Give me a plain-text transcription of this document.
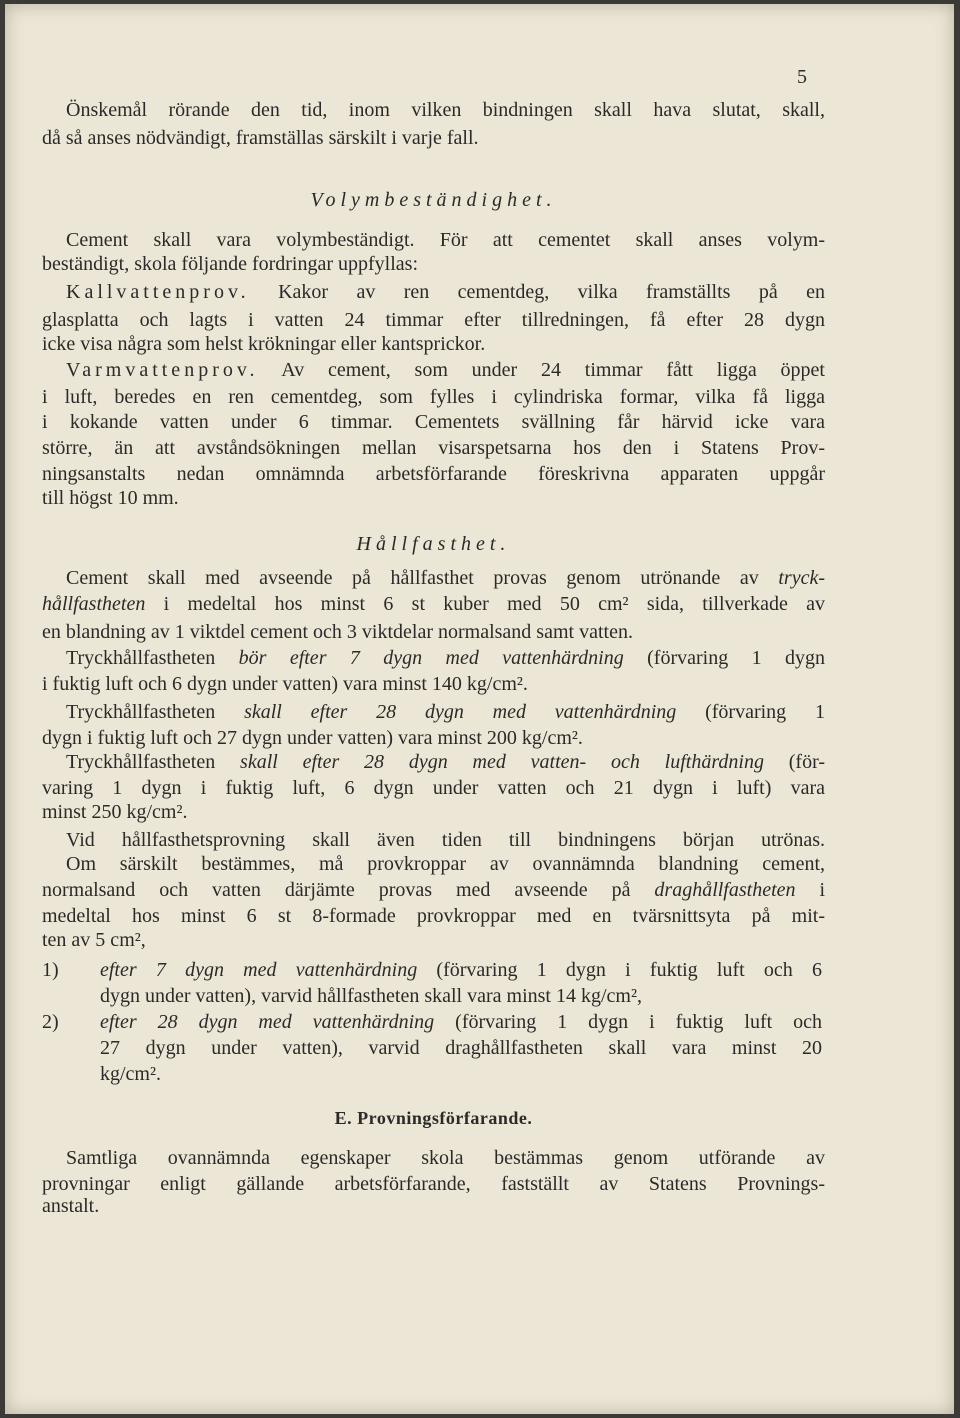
5
Önskemål rörande den tid, inom vilken bindningen skall hava slutat, skall,
då så anses nödvändigt, framställas särskilt i varje fall.
Volymbeständighet.
Cement skall vara volymbeständigt. För att cementet skall anses volym-
beständigt, skola följande fordringar uppfyllas:
Kallvattenprov. Kakor av ren cementdeg, vilka framställts på en
glasplatta och lagts i vatten 24 timmar efter tillredningen, få efter 28 dygn
icke visa några som helst krökningar eller kantsprickor.
Varmvattenprov. Av cement, som under 24 timmar fått ligga öppet
i luft, beredes en ren cementdeg, som fylles i cylindriska formar, vilka få ligga
i kokande vatten under 6 timmar. Cementets svällning får härvid icke vara
större, än att avståndsökningen mellan visarspetsarna hos den i Statens Prov-
ningsanstalts nedan omnämnda arbetsförfarande föreskrivna apparaten uppgår
till högst 10 mm.
Hållfasthet.
Cement skall med avseende på hållfasthet provas genom utrönande av tryck-
hållfastheten i medeltal hos minst 6 st kuber med 50 cm² sida, tillverkade av
en blandning av 1 viktdel cement och 3 viktdelar normalsand samt vatten.
Tryckhållfastheten bör efter 7 dygn med vattenhärdning (förvaring 1 dygn
i fuktig luft och 6 dygn under vatten) vara minst 140 kg/cm².
Tryckhållfastheten skall efter 28 dygn med vattenhärdning (förvaring 1
dygn i fuktig luft och 27 dygn under vatten) vara minst 200 kg/cm².
Tryckhållfastheten skall efter 28 dygn med vatten- och lufthärdning (för-
varing 1 dygn i fuktig luft, 6 dygn under vatten och 21 dygn i luft) vara
minst 250 kg/cm².
Vid hållfasthetsprovning skall även tiden till bindningens början utrönas.
Om särskilt bestämmes, må provkroppar av ovannämnda blandning cement,
normalsand och vatten därjämte provas med avseende på draghållfastheten i
medeltal hos minst 6 st 8-formade provkroppar med en tvärsnittsyta på mit-
ten av 5 cm²,
1) efter 7 dygn med vattenhärdning (förvaring 1 dygn i fuktig luft och 6
dygn under vatten), varvid hållfastheten skall vara minst 14 kg/cm²,
2) efter 28 dygn med vattenhärdning (förvaring 1 dygn i fuktig luft och
27 dygn under vatten), varvid draghållfastheten skall vara minst 20
kg/cm².
E. Provningsförfarande.
Samtliga ovannämnda egenskaper skola bestämmas genom utförande av
provningar enligt gällande arbetsförfarande, fastställt av Statens Provnings-
anstalt.
